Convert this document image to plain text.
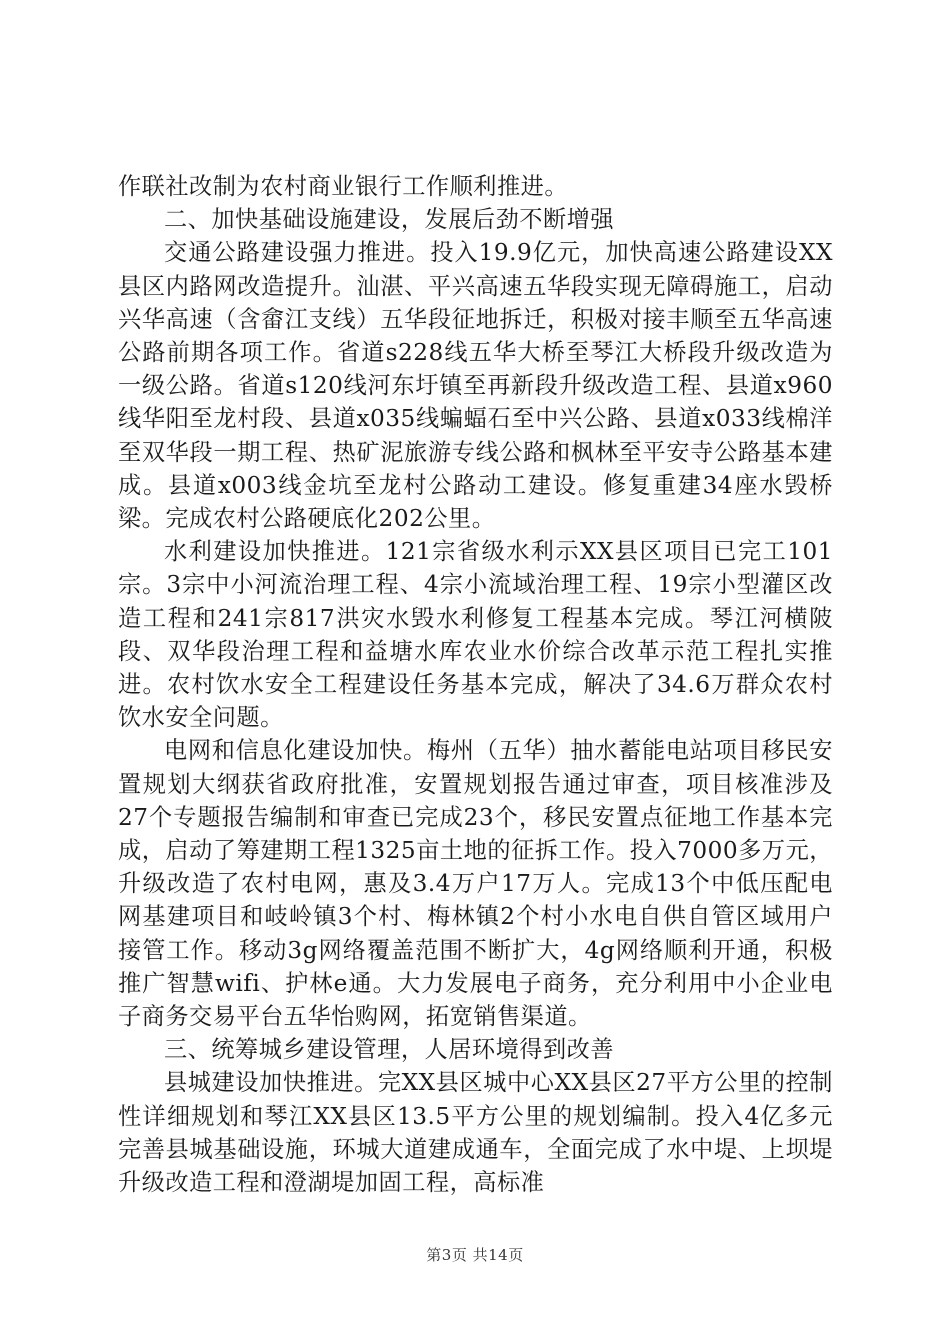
作联社改制为农村商业银行工作顺利推进。

二、加快基础设施建设，发展后劲不断增强

交通公路建设强力推进。投入19.9亿元，加快高速公路建设XX县区内路网改造提升。汕湛、平兴高速五华段实现无障碍施工，启动兴华高速（含畲江支线）五华段征地拆迁，积极对接丰顺至五华高速公路前期各项工作。省道s228线五华大桥至琴江大桥段升级改造为一级公路。省道s120线河东圩镇至再新段升级改造工程、县道x960线华阳至龙村段、县道x035线蝙蝠石至中兴公路、县道x033线棉洋至双华段一期工程、热矿泥旅游专线公路和枫林至平安寺公路基本建成。县道x003线金坑至龙村公路动工建设。修复重建34座水毁桥梁。完成农村公路硬底化202公里。

水利建设加快推进。121宗省级水利示XX县区项目已完工101宗。3宗中小河流治理工程、4宗小流域治理工程、19宗小型灌区改造工程和241宗817洪灾水毁水利修复工程基本完成。琴江河横陂段、双华段治理工程和益塘水库农业水价综合改革示范工程扎实推进。农村饮水安全工程建设任务基本完成，解决了34.6万群众农村饮水安全问题。

电网和信息化建设加快。梅州（五华）抽水蓄能电站项目移民安置规划大纲获省政府批准，安置规划报告通过审查，项目核准涉及27个专题报告编制和审查已完成23个，移民安置点征地工作基本完成，启动了筹建期工程1325亩土地的征拆工作。投入7000多万元，升级改造了农村电网，惠及3.4万户17万人。完成13个中低压配电网基建项目和岐岭镇3个村、梅林镇2个村小水电自供自管区域用户接管工作。移动3g网络覆盖范围不断扩大，4g网络顺利开通，积极推广智慧wifi、护林e通。大力发展电子商务，充分利用中小企业电子商务交易平台五华怡购网，拓宽销售渠道。

三、统筹城乡建设管理，人居环境得到改善

县城建设加快推进。完XX县区城中心XX县区27平方公里的控制性详细规划和琴江XX县区13.5平方公里的规划编制。投入4亿多元完善县城基础设施，环城大道建成通车，全面完成了水中堤、上坝堤升级改造工程和澄湖堤加固工程，高标准

第3页 共14页
